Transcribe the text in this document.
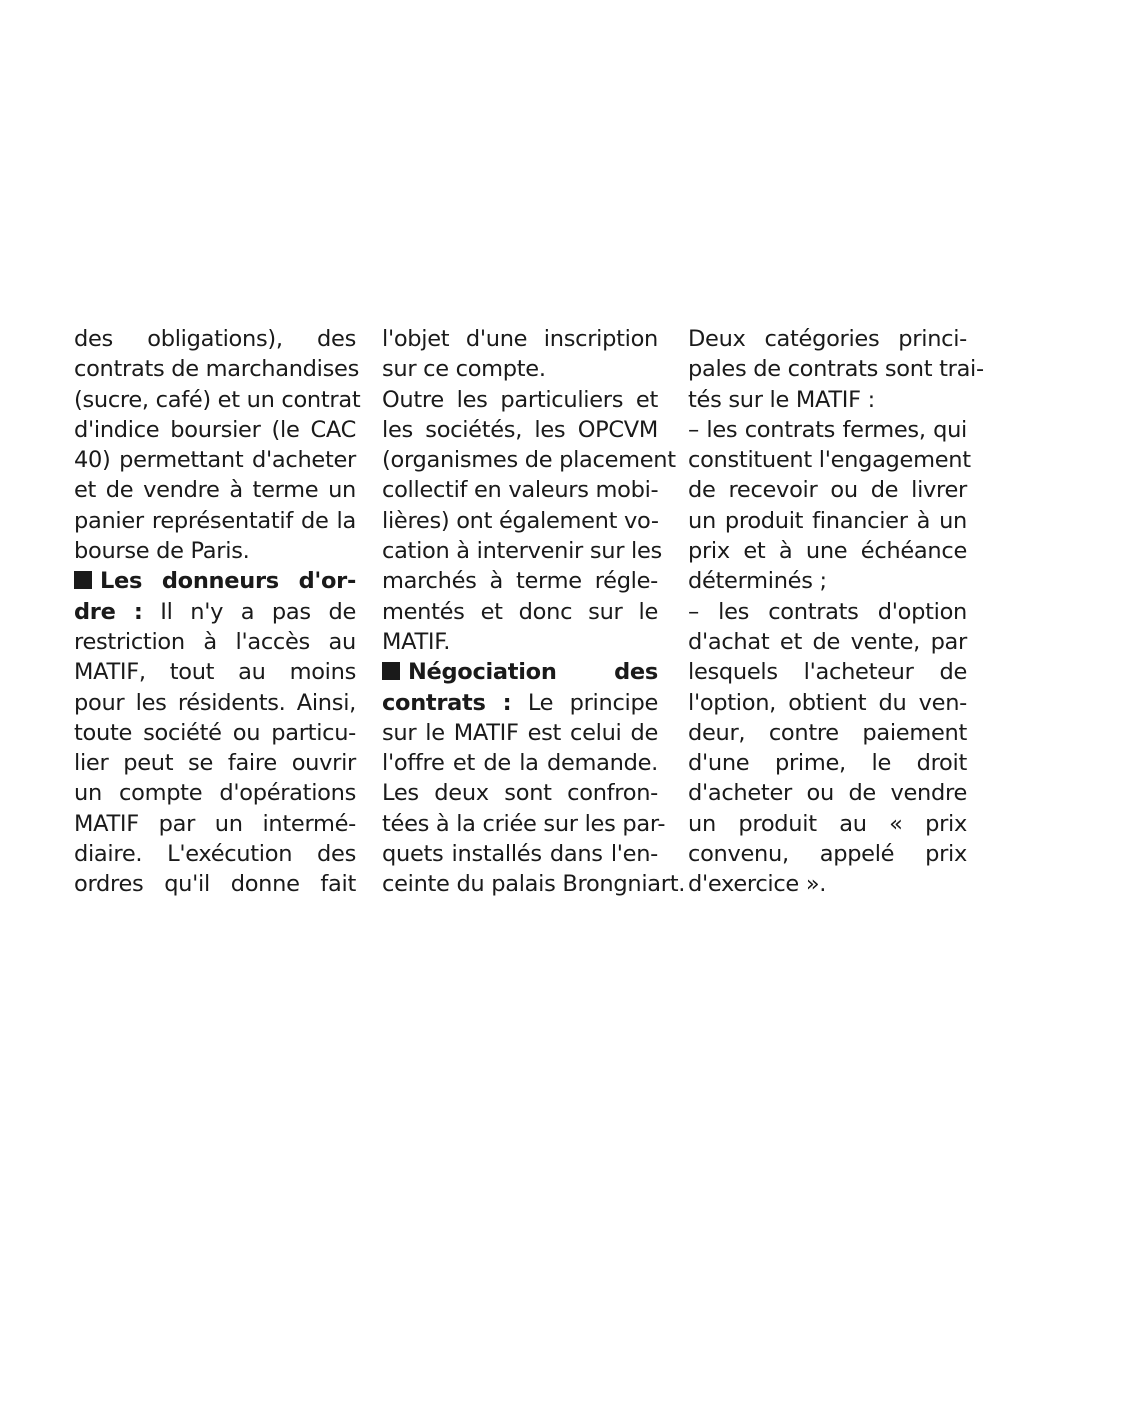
des obligations), des
contrats de marchandises
(sucre, café) et un contrat
d'indice boursier (le CAC
40) permettant d'acheter
et de vendre à terme un
panier représentatif de la
bourse de Paris.
Les donneurs d'or-
dre : Il n'y a pas de
restriction à l'accès au
MATIF, tout au moins
pour les résidents. Ainsi,
toute société ou particu-
lier peut se faire ouvrir
un compte d'opérations
MATIF par un intermé-
diaire. L'exécution des
ordres qu'il donne fait
l'objet d'une inscription
sur ce compte.
Outre les particuliers et
les sociétés, les OPCVM
(organismes de placement
collectif en valeurs mobi-
lières) ont également vo-
cation à intervenir sur les
marchés à terme régle-
mentés et donc sur le
MATIF.
Négociation des
contrats : Le principe
sur le MATIF est celui de
l'offre et de la demande.
Les deux sont confron-
tées à la criée sur les par-
quets installés dans l'en-
ceinte du palais Brongniart.
Deux catégories princi-
pales de contrats sont trai-
tés sur le MATIF :
– les contrats fermes, qui
constituent l'engagement
de recevoir ou de livrer
un produit financier à un
prix et à une échéance
déterminés ;
– les contrats d'option
d'achat et de vente, par
lesquels l'acheteur de
l'option, obtient du ven-
deur, contre paiement
d'une prime, le droit
d'acheter ou de vendre
un produit au « prix
convenu, appelé prix
d'exercice ».
